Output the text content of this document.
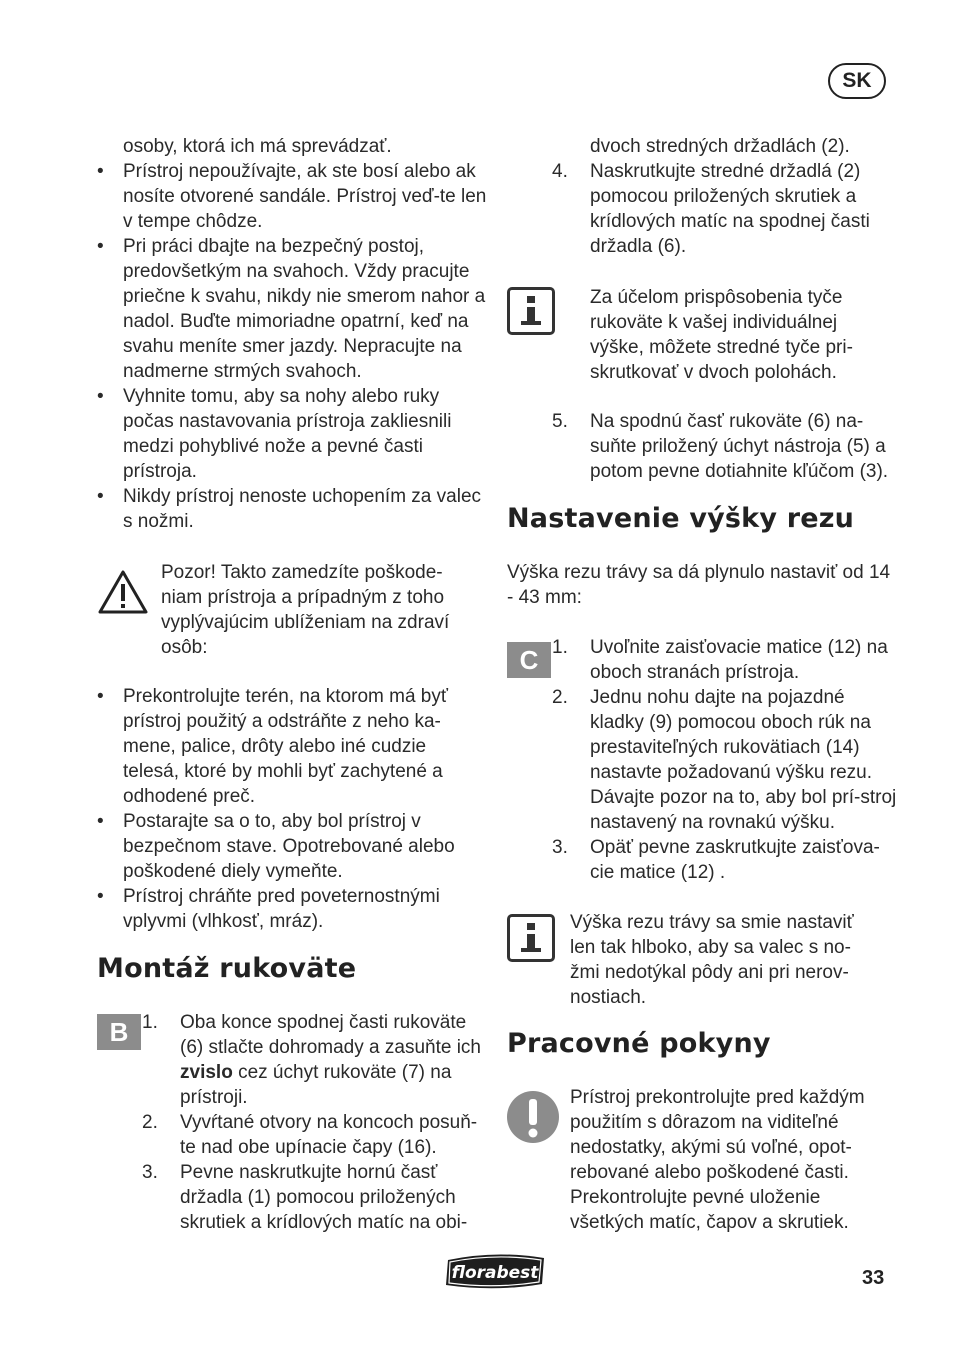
SK

osoby, ktorá ich má sprevádzať.

• Prístroj nepoužívajte, ak ste bosí alebo ak nosíte otvorené sandále. Prístroj veď-te len v tempe chôdze.
• Pri práci dbajte na bezpečný postoj, predovšetkým na svahoch. Vždy pracujte priečne k svahu, nikdy nie smerom nahor a nadol. Buďte mimoriadne opatrní, keď na svahu meníte smer jazdy. Nepracujte na nadmerne strmých svahoch.
• Vyhnite tomu, aby sa nohy alebo ruky počas nastavovania prístroja zakliesnili medzi pohyblivé nože a pevné časti prístroja.
• Nikdy prístroj nenoste uchopením za valec s nožmi.

Pozor! Takto zamedzíte poškode-niam prístroja a prípadným z toho vyplývajúcim ublíženiam na zdraví osôb:

• Prekontrolujte terén, na ktorom má byť prístroj použitý a odstráňte z neho ka-mene, palice, drôty alebo iné cudzie telesá, ktoré by mohli byť zachytené a odhodené preč.
• Postarajte sa o to, aby bol prístroj v bezpečnom stave. Opotrebované alebo poškodené diely vymeňte.
• Prístroj chráňte pred poveternostnými vplyvmi (vlhkosť, mráz).
Montáž rukoväte
B 1. Oba konce spodnej časti rukoväte (6) stlačte dohromady a zasuňte ich zvislo cez úchyt rukoväte (7) na prístroji.
2. Vyvŕtané otvory na koncoch posuň-te nad obe upínacie čapy (16).
3. Pevne naskrutkujte hornú časť držadla (1) pomocou priložených skrutiek a krídlových matíc na obi-

dvoch stredných držadlách (2).

4. Naskrutkujte stredné držadlá (2) pomocou priložených skrutiek a krídlových matíc na spodnej časti držadla (6).

Za účelom prispôsobenia tyče rukoväte k vašej individuálnej výške, môžete stredné tyče pri-skrutkovať v dvoch polohách.

5. Na spodnú časť rukoväte (6) na-suňte priložený úchyt nástroja (5) a potom pevne dotiahnite kľúčom (3).
Nastavenie výšky rezu

Výška rezu trávy sa dá plynulo nastaviť od 14 - 43 mm:

C 1. Uvoľnite zaisťovacie matice (12) na oboch stranách prístroja.
2. Jednu nohu dajte na pojazdné kladky (9) pomocou oboch rúk na prestaviteľných rukovätiach (14) nastavte požadovanú výšku rezu. Dávajte pozor na to, aby bol prí-stroj nastavený na rovnakú výšku.
3. Opäť pevne zaskrutkujte zaisťova-cie matice (12) .

Výška rezu trávy sa smie nastaviť len tak hlboko, aby sa valec s no-žmi nedotýkal pôdy ani pri nerov-nostiach.

Pracovné pokyny

Prístroj prekontrolujte pred každým použitím s dôrazom na viditeľné nedostatky, akými sú voľné, opot-rebované alebo poškodené časti. Prekontrolujte pevné uloženie všetkých matíc, čapov a skrutiek.

florabest	33
